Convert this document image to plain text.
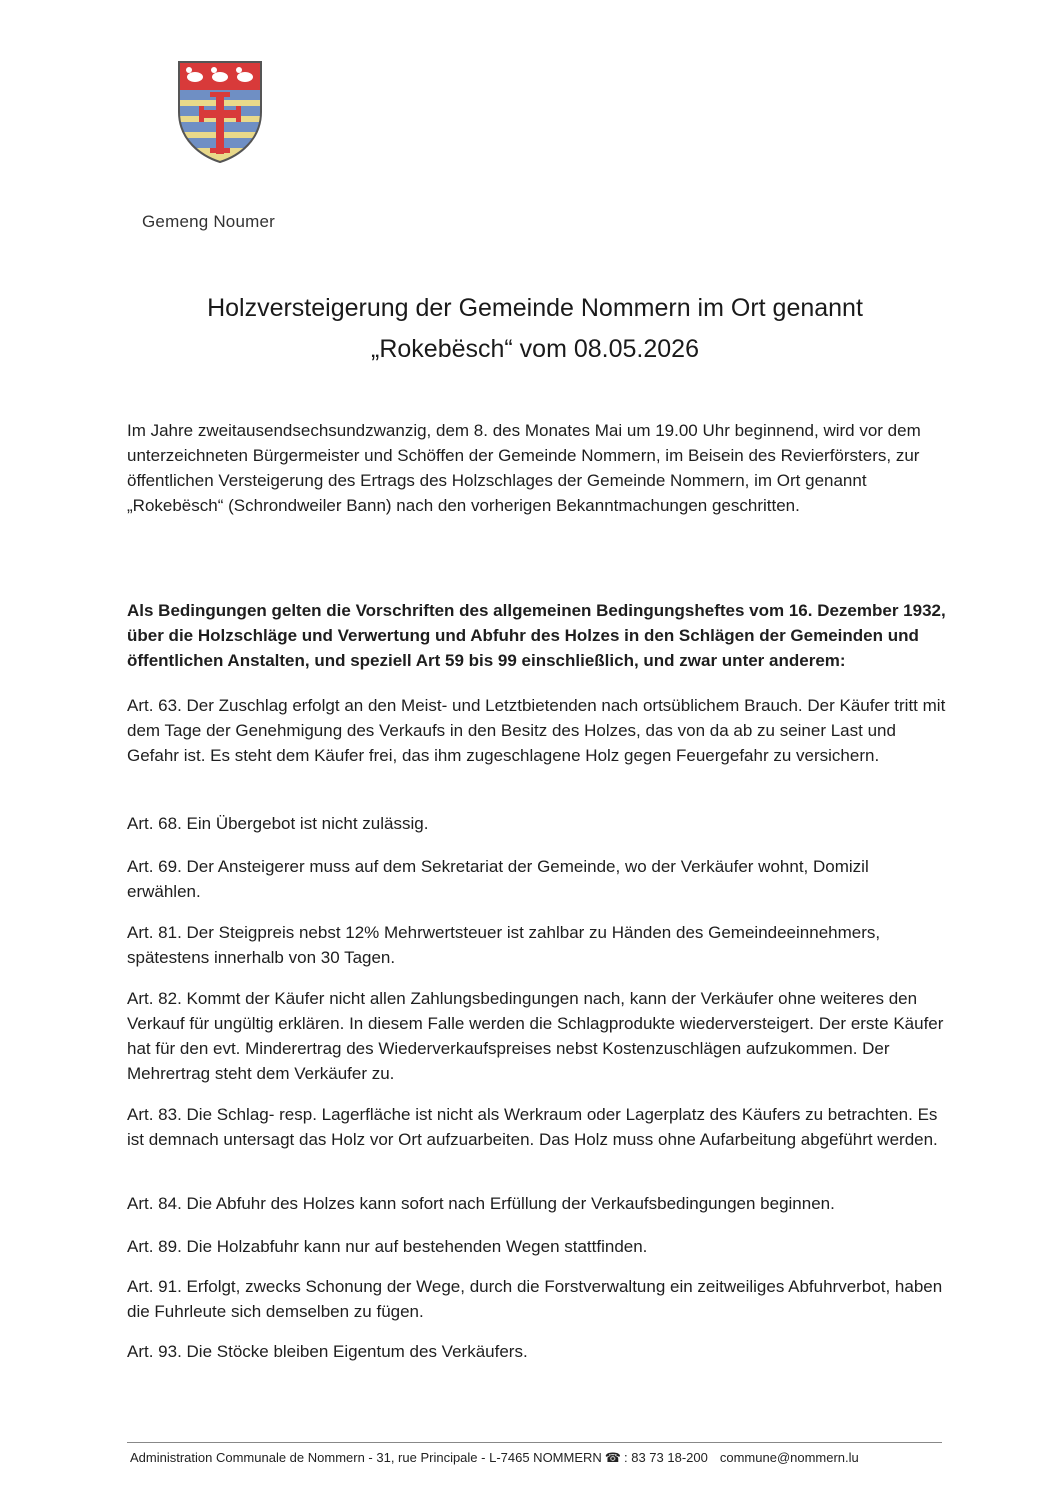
Gemeng Noumer
Holzversteigerung der Gemeinde Nommern im Ort genannt
„Rokebësch“ vom 08.05.2026

Im Jahre zweitausendsechsundzwanzig, dem 8. des Monates Mai um 19.00 Uhr beginnend, wird vor dem unterzeichneten Bürgermeister und Schöffen der Gemeinde Nommern, im Beisein des Revierförsters, zur öffentlichen Versteigerung des Ertrags des Holzschlages der Gemeinde Nommern, im Ort genannt „Rokebësch“ (Schrondweiler Bann) nach den vorherigen Bekanntmachungen geschritten.

Als Bedingungen gelten die Vorschriften des allgemeinen Bedingungsheftes vom 16. Dezember 1932, über die Holzschläge und Verwertung und Abfuhr des Holzes in den Schlägen der Gemeinden und öffentlichen Anstalten, und speziell Art 59 bis 99 einschließlich, und zwar unter anderem:

Art. 63. Der Zuschlag erfolgt an den Meist- und Letztbietenden nach ortsüblichem Brauch. Der Käufer tritt mit dem Tage der Genehmigung des Verkaufs in den Besitz des Holzes, das von da ab zu seiner Last und Gefahr ist. Es steht dem Käufer frei, das ihm zugeschlagene Holz gegen Feuergefahr zu versichern.

Art. 68. Ein Übergebot ist nicht zulässig.

Art. 69. Der Ansteigerer muss auf dem Sekretariat der Gemeinde, wo der Verkäufer wohnt, Domizil erwählen.

Art. 81. Der Steigpreis nebst 12% Mehrwertsteuer ist zahlbar zu Händen des Gemeindeeinnehmers, spätestens innerhalb von 30 Tagen.

Art. 82. Kommt der Käufer nicht allen Zahlungsbedingungen nach, kann der Verkäufer ohne weiteres den Verkauf für ungültig erklären. In diesem Falle werden die Schlagprodukte wiederversteigert. Der erste Käufer hat für den evt. Minderertrag des Wiederverkaufspreises nebst Kostenzuschlägen aufzukommen. Der Mehrertrag steht dem Verkäufer zu.

Art. 83. Die Schlag- resp. Lagerfläche ist nicht als Werkraum oder Lagerplatz des Käufers zu betrachten. Es ist demnach untersagt das Holz vor Ort aufzuarbeiten. Das Holz muss ohne Aufarbeitung abgeführt werden.

Art. 84. Die Abfuhr des Holzes kann sofort nach Erfüllung der Verkaufsbedingungen beginnen.

Art. 89. Die Holzabfuhr kann nur auf bestehenden Wegen stattfinden.

Art. 91. Erfolgt, zwecks Schonung der Wege, durch die Forstverwaltung ein zeitweiliges Abfuhrverbot, haben die Fuhrleute sich demselben zu fügen.

Art. 93. Die Stöcke bleiben Eigentum des Verkäufers.

Administration Communale de Nommern - 31, rue Principale - L-7465 NOMMERN ☎ : 83 73 18-200 commune@nommern.lu
